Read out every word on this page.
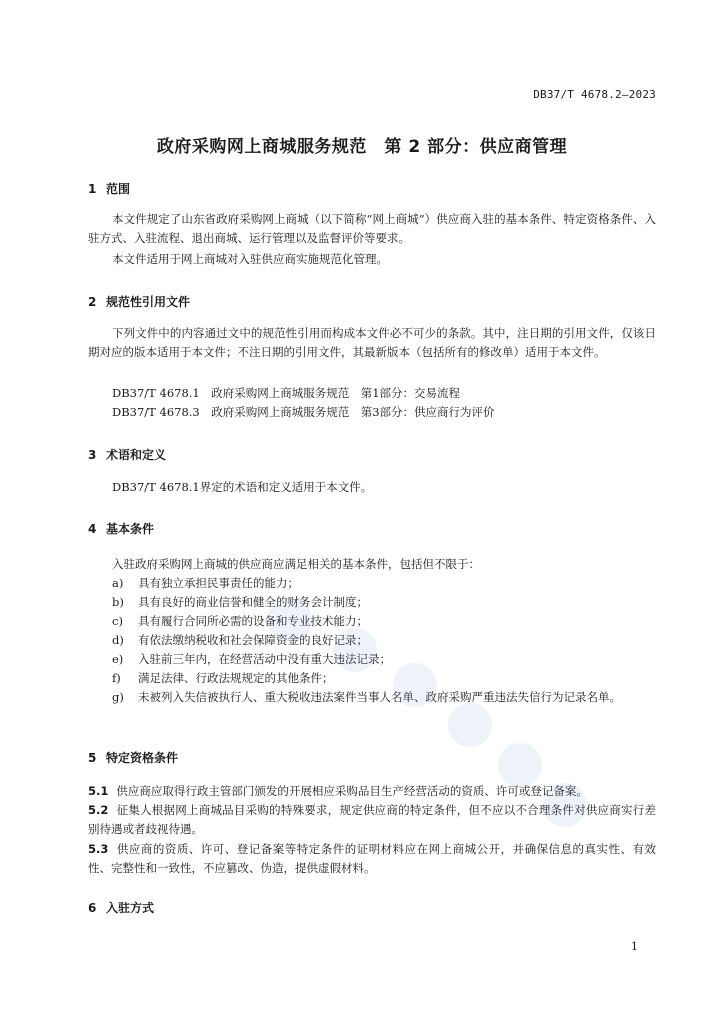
DB37/T 4678.2—2023
政府采购网上商城服务规范　第 2 部分：供应商管理
1 范围
本文件规定了山东省政府采购网上商城（以下简称“网上商城”）供应商入驻的基本条件、特定资格条件、入驻方式、入驻流程、退出商城、运行管理以及监督评价等要求。
本文件适用于网上商城对入驻供应商实施规范化管理。
2 规范性引用文件
下列文件中的内容通过文中的规范性引用而构成本文件必不可少的条款。其中，注日期的引用文件，仅该日期对应的版本适用于本文件；不注日期的引用文件，其最新版本（包括所有的修改单）适用于本文件。
DB37/T 4678.1　政府采购网上商城服务规范　第1部分：交易流程
DB37/T 4678.3　政府采购网上商城服务规范　第3部分：供应商行为评价
3 术语和定义
DB37/T 4678.1界定的术语和定义适用于本文件。
4 基本条件
入驻政府采购网上商城的供应商应满足相关的基本条件，包括但不限于：
a) 具有独立承担民事责任的能力；
b) 具有良好的商业信誉和健全的财务会计制度；
c) 具有履行合同所必需的设备和专业技术能力；
d) 有依法缴纳税收和社会保障资金的良好记录；
e) 入驻前三年内，在经营活动中没有重大违法记录；
f) 满足法律、行政法规规定的其他条件；
g) 未被列入失信被执行人、重大税收违法案件当事人名单、政府采购严重违法失信行为记录名单。
5 特定资格条件
5.1 供应商应取得行政主管部门颁发的开展相应采购品目生产经营活动的资质、许可或登记备案。
5.2 征集人根据网上商城品目采购的特殊要求，规定供应商的特定条件，但不应以不合理条件对供应商实行差别待遇或者歧视待遇。
5.3 供应商的资质、许可、登记备案等特定条件的证明材料应在网上商城公开，并确保信息的真实性、有效性、完整性和一致性，不应篡改、伪造，提供虚假材料。
6 入驻方式
1
